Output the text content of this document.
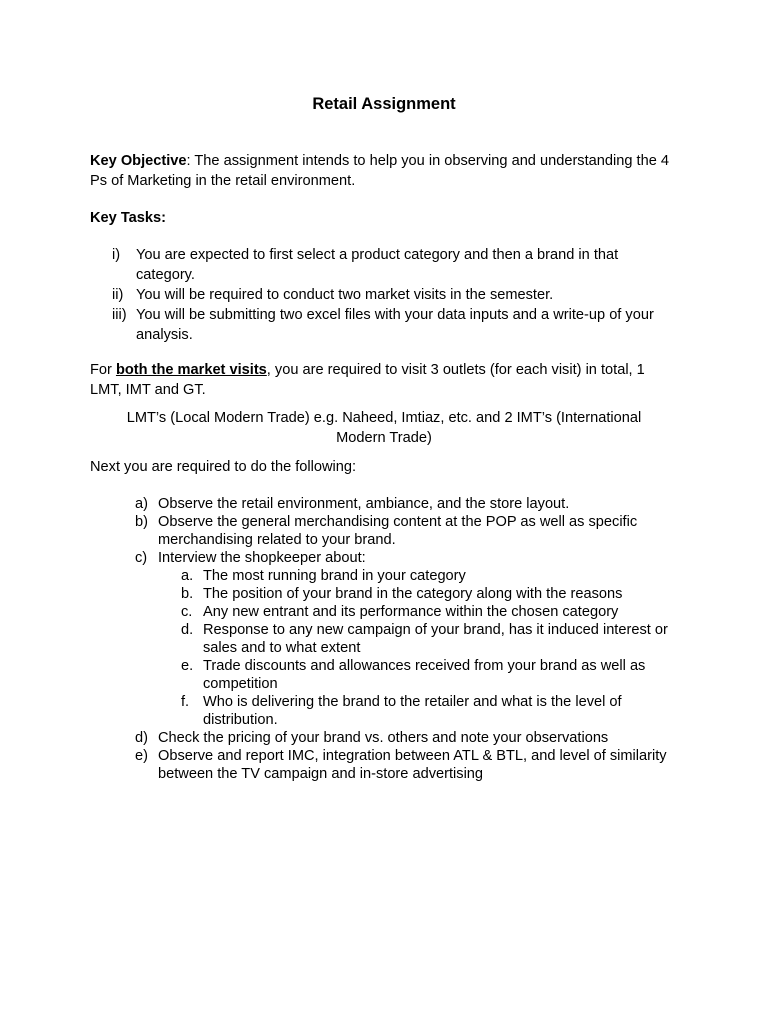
Retail Assignment
Key Objective: The assignment intends to help you in observing and understanding the 4 Ps of Marketing in the retail environment.
Key Tasks:
i) You are expected to first select a product category and then a brand in that category.
ii) You will be required to conduct two market visits in the semester.
iii) You will be submitting two excel files with your data inputs and a write-up of your analysis.
For both the market visits, you are required to visit 3 outlets (for each visit) in total, 1 LMT, IMT and GT.
LMT’s (Local Modern Trade) e.g. Naheed, Imtiaz, etc. and 2 IMT’s (International Modern Trade)
Next you are required to do the following:
a) Observe the retail environment, ambiance, and the store layout.
b) Observe the general merchandising content at the POP as well as specific merchandising related to your brand.
c) Interview the shopkeeper about:
a. The most running brand in your category
b. The position of your brand in the category along with the reasons
c. Any new entrant and its performance within the chosen category
d. Response to any new campaign of your brand, has it induced interest or sales and to what extent
e. Trade discounts and allowances received from your brand as well as competition
f. Who is delivering the brand to the retailer and what is the level of distribution.
d) Check the pricing of your brand vs. others and note your observations
e) Observe and report IMC, integration between ATL & BTL, and level of similarity between the TV campaign and in-store advertising
